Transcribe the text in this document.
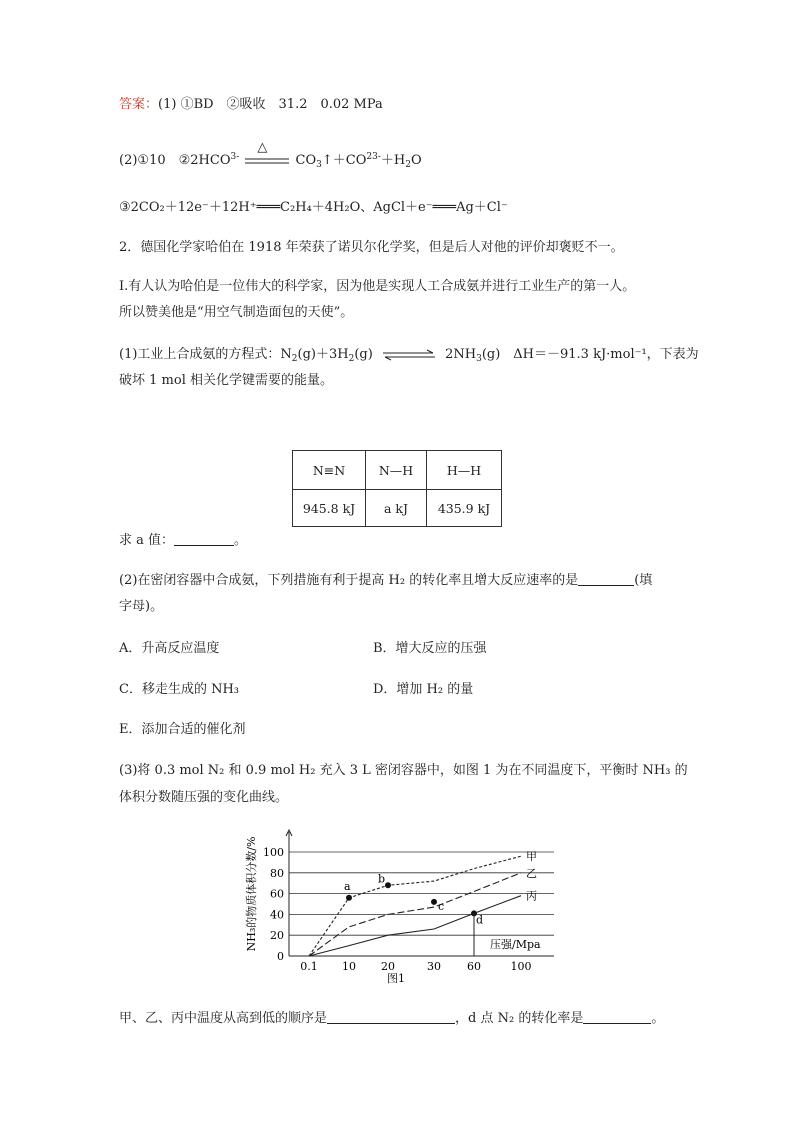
答案：(1) ①BD　②吸收　31.2　0.02 MPa
(2)①10　$②2HCO^{3-}$
△
$CO_3↑+CO^{23-}+H_2O$
③2CO₂＋12e⁻＋12H⁺═══C₂H₄＋4H₂O、AgCl＋e⁻═══Ag＋Cl⁻
2．德国化学家哈伯在 1918 年荣获了诺贝尔化学奖，但是后人对他的评价却褒贬不一。
Ⅰ.有人认为哈伯是一位伟大的科学家，因为他是实现人工合成氨并进行工业生产的第一人。
所以赞美他是“用空气制造面包的天使”。
(1)工业上合成氨的方程式：$N_2(g)+3H_2(g)$	$2NH_3(g)$　ΔH＝－91.3 kJ·mol⁻¹，下表为
破坏 1 mol 相关化学键需要的能量。
N≡N	N—H	H—H
945.8 kJ	a kJ	435.9 kJ
求 a 值：	。
(2)在密闭容器中合成氨，下列措施有利于提高 H₂ 的转化率且增大反应速率的是	(填
字母)。
A．升高反应温度	B．增大反应的压强
C．移走生成的 NH₃	D．增加 H₂ 的量
E．添加合适的催化剂
(3)将 0.3 mol N₂ 和 0.9 mol H₂ 充入 3 L 密闭容器中，如图 1 为在不同温度下，平衡时 NH₃ 的
体积分数随压强的变化曲线。
0
20
40
60
80
100
0.1 10 20	30 60	100
甲
乙
丙
a
b
c
d
NH₃的物质体积分数/%	压强/Mpa
图1
甲、乙、丙中温度从高到低的顺序是	，d 点 N₂ 的转化率是	。
